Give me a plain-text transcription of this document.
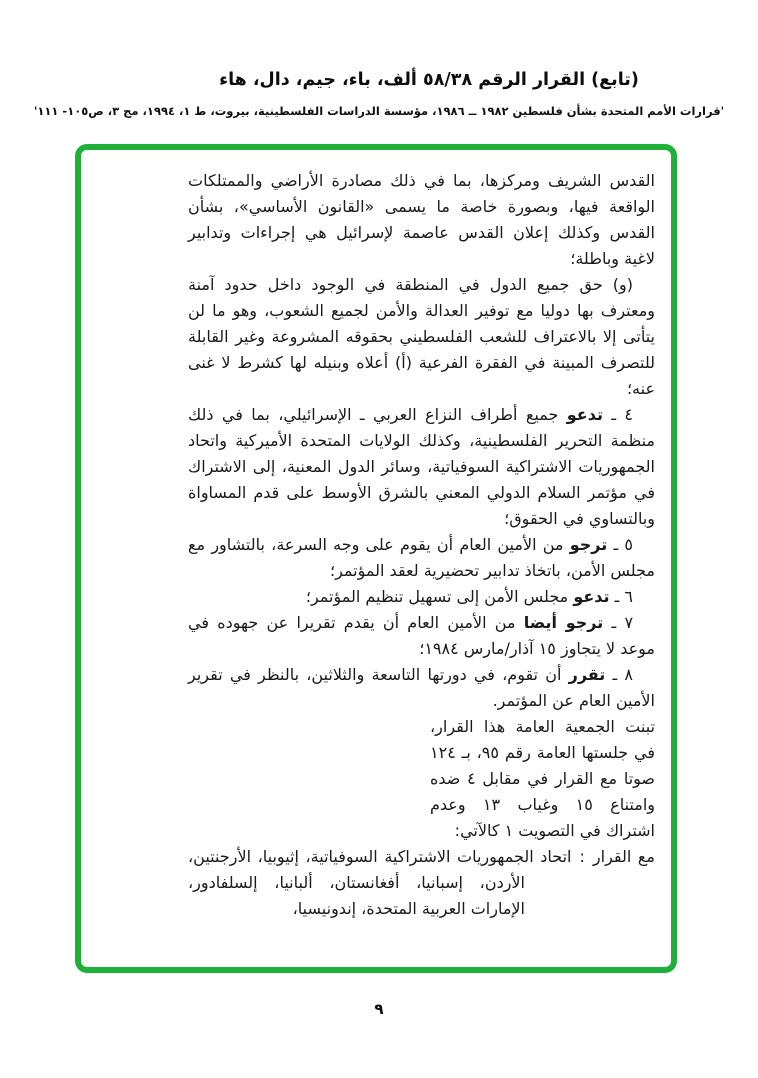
(تابع) القرار الرقم ٥٨/٣٨ ألف، باء، جيم، دال، هاء
'قرارات الأمم المتحدة بشأن فلسطين ١٩٨٢ ــ ١٩٨٦، مؤسسة الدراسات الفلسطينية، بيروت، ط ١، ١٩٩٤، مج ٣، ص١٠٥- ١١١'

القدس الشريف ومركزها، بما في ذلك مصادرة الأراضي والممتلكات الواقعة فيها، وبصورة خاصة ما يسمى «القانون الأساسي»، بشأن القدس وكذلك إعلان القدس عاصمة لإسرائيل هي إجراءات وتدابير لاغية وباطلة؛

(و) حق جميع الدول في المنطقة في الوجود داخل حدود آمنة ومعترف بها دوليا مع توفير العدالة والأمن لجميع الشعوب، وهو ما لن يتأتى إلا بالاعتراف للشعب الفلسطيني بحقوقه المشروعة وغير القابلة للتصرف المبينة في الفقرة الفرعية (أ) أعلاه وبنيله لها كشرط لا غنى عنه؛

٤ ـ تدعو جميع أطراف النزاع العربي ـ الإسرائيلي، بما في ذلك منظمة التحرير الفلسطينية، وكذلك الولايات المتحدة الأميركية واتحاد الجمهوريات الاشتراكية السوفياتية، وسائر الدول المعنية، إلى الاشتراك في مؤتمر السلام الدولي المعني بالشرق الأوسط على قدم المساواة وبالتساوي في الحقوق؛

٥ ـ ترجو من الأمين العام أن يقوم على وجه السرعة، بالتشاور مع مجلس الأمن، باتخاذ تدابير تحضيرية لعقد المؤتمر؛

٦ ـ تدعو مجلس الأمن إلى تسهيل تنظيم المؤتمر؛

٧ ـ ترجو أيضا من الأمين العام أن يقدم تقريرا عن جهوده في موعد لا يتجاوز ١٥ آذار/مارس ١٩٨٤؛

٨ ـ تقرر أن تقوم، في دورتها التاسعة والثلاثين، بالنظر في تقرير الأمين العام عن المؤتمر.

تبنت الجمعية العامة هذا القرار، في جلستها العامة رقم ٩٥، بـ ١٢٤ صوتا مع القرار في مقابل ٤ ضده وامتناع ١٥ وغياب ١٣ وعدم اشتراك في التصويت ١ كالآتي:

مع القرار:اتحاد الجمهوريات الاشتراكية السوفياتية، إثيوبيا، الأرجنتين، الأردن، إسبانيا، أفغانستان، ألبانيا، إلسلفادور، الإمارات العربية المتحدة، إندونيسيا،

٩
